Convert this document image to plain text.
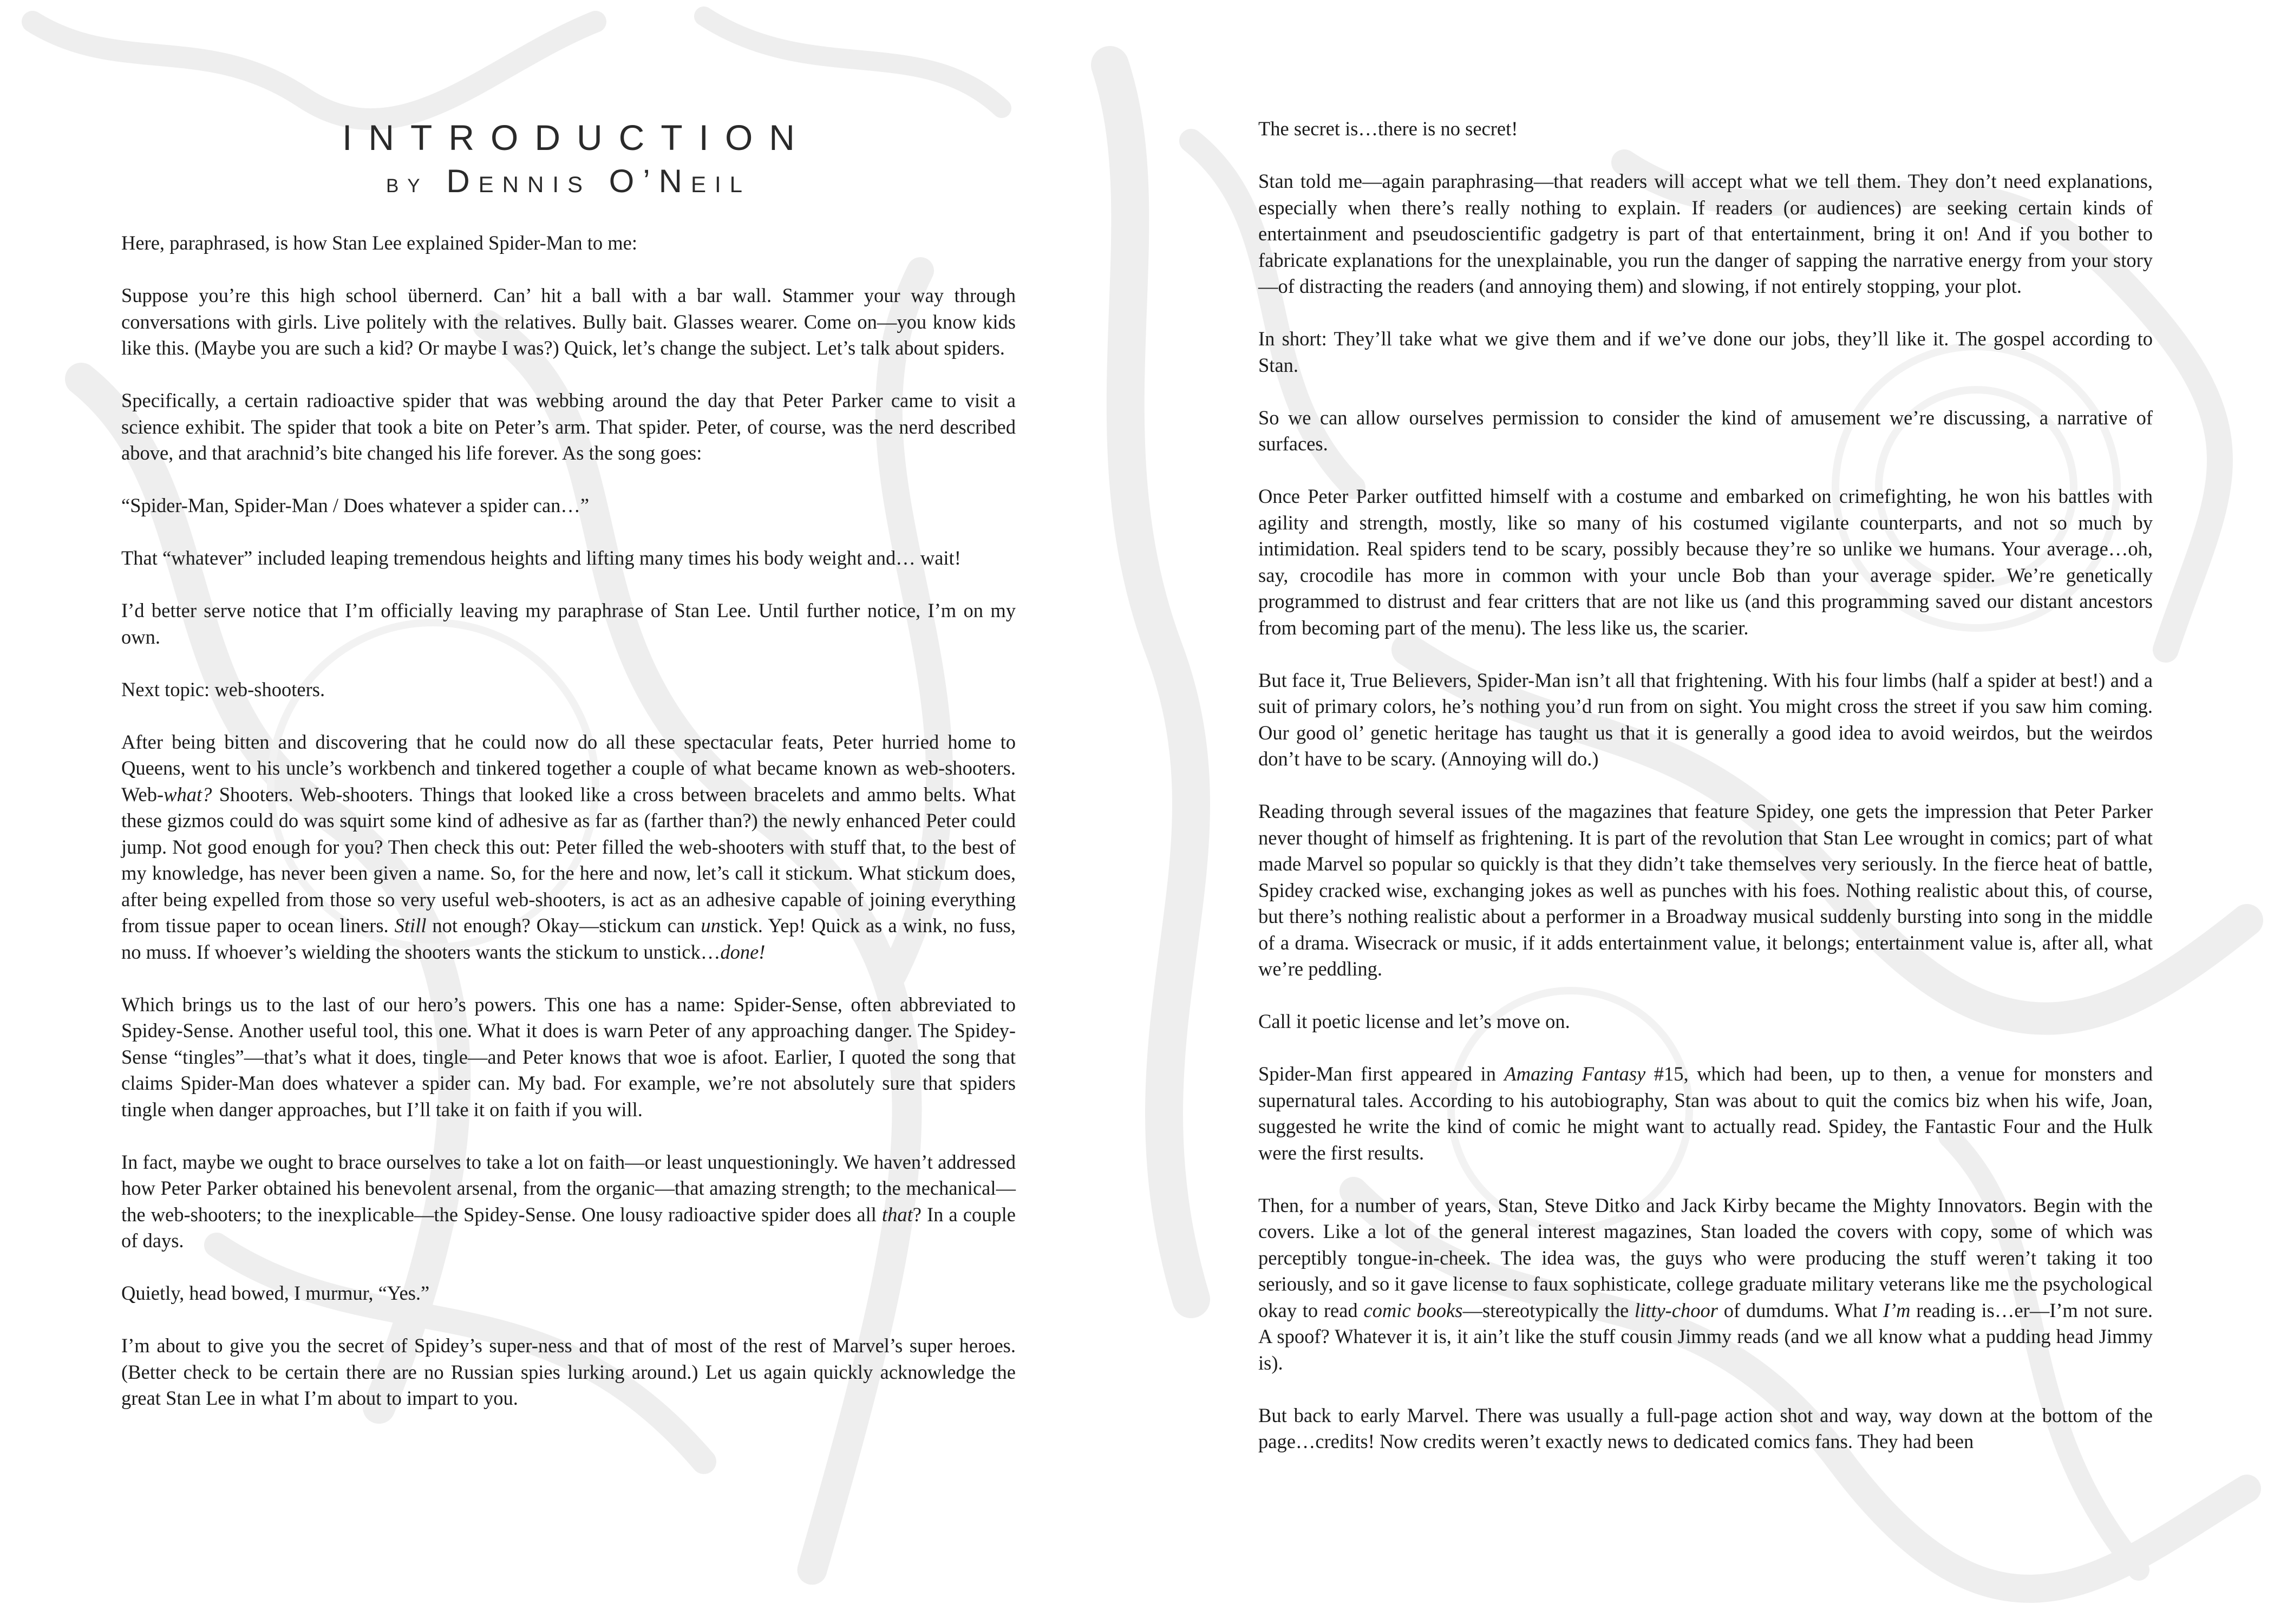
INTRODUCTION
by Dennis O’Neil

Here, paraphrased, is how Stan Lee explained Spider-Man to me:

Suppose you’re this high school übernerd. Can’ hit a ball with a bar wall. Stammer your way through conversations with girls. Live politely with the relatives. Bully bait. Glasses wearer. Come on—you know kids like this. (Maybe you are such a kid? Or maybe I was?) Quick, let’s change the subject. Let’s talk about spiders.

Specifically, a certain radioactive spider that was webbing around the day that Peter Parker came to visit a science exhibit. The spider that took a bite on Peter’s arm. That spider. Peter, of course, was the nerd described above, and that arachnid’s bite changed his life forever. As the song goes:

“Spider-Man, Spider-Man / Does whatever a spider can…”

That “whatever” included leaping tremendous heights and lifting many times his body weight and… wait!

I’d better serve notice that I’m officially leaving my paraphrase of Stan Lee. Until further notice, I’m on my own.

Next topic: web-shooters.

After being bitten and discovering that he could now do all these spectacular feats, Peter hurried home to Queens, went to his uncle’s workbench and tinkered together a couple of what became known as web-shooters. Web-what? Shooters. Web-shooters. Things that looked like a cross between bracelets and ammo belts. What these gizmos could do was squirt some kind of adhesive as far as (farther than?) the newly enhanced Peter could jump. Not good enough for you? Then check this out: Peter filled the web-shooters with stuff that, to the best of my knowledge, has never been given a name. So, for the here and now, let’s call it stickum. What stickum does, after being expelled from those so very useful web-shooters, is act as an adhesive capable of joining everything from tissue paper to ocean liners. Still not enough? Okay—stickum can unstick. Yep! Quick as a wink, no fuss, no muss. If whoever’s wielding the shooters wants the stickum to unstick…done!

Which brings us to the last of our hero’s powers. This one has a name: Spider-Sense, often abbreviated to Spidey-Sense. Another useful tool, this one. What it does is warn Peter of any approaching danger. The Spidey-Sense “tingles”—that’s what it does, tingle—and Peter knows that woe is afoot. Earlier, I quoted the song that claims Spider-Man does whatever a spider can. My bad. For example, we’re not absolutely sure that spiders tingle when danger approaches, but I’ll take it on faith if you will.

In fact, maybe we ought to brace ourselves to take a lot on faith—or least unquestioningly. We haven’t addressed how Peter Parker obtained his benevolent arsenal, from the organic—that amazing strength; to the mechanical—the web-shooters; to the inexplicable—the Spidey-Sense. One lousy radioactive spider does all that? In a couple of days.

Quietly, head bowed, I murmur, “Yes.”

I’m about to give you the secret of Spidey’s super-ness and that of most of the rest of Marvel’s super heroes. (Better check to be certain there are no Russian spies lurking around.) Let us again quickly acknowledge the great Stan Lee in what I’m about to impart to you.

The secret is…there is no secret!

Stan told me—again paraphrasing—that readers will accept what we tell them. They don’t need explanations, especially when there’s really nothing to explain. If readers (or audiences) are seeking certain kinds of entertainment and pseudoscientific gadgetry is part of that entertainment, bring it on! And if you bother to fabricate explanations for the unexplainable, you run the danger of sapping the narrative energy from your story—of distracting the readers (and annoying them) and slowing, if not entirely stopping, your plot.

In short: They’ll take what we give them and if we’ve done our jobs, they’ll like it. The gospel according to Stan.

So we can allow ourselves permission to consider the kind of amusement we’re discussing, a narrative of surfaces.

Once Peter Parker outfitted himself with a costume and embarked on crimefighting, he won his battles with agility and strength, mostly, like so many of his costumed vigilante counterparts, and not so much by intimidation. Real spiders tend to be scary, possibly because they’re so unlike we humans. Your average…oh, say, crocodile has more in common with your uncle Bob than your average spider. We’re genetically programmed to distrust and fear critters that are not like us (and this programming saved our distant ancestors from becoming part of the menu). The less like us, the scarier.

But face it, True Believers, Spider-Man isn’t all that frightening. With his four limbs (half a spider at best!) and a suit of primary colors, he’s nothing you’d run from on sight. You might cross the street if you saw him coming. Our good ol’ genetic heritage has taught us that it is generally a good idea to avoid weirdos, but the weirdos don’t have to be scary. (Annoying will do.)

Reading through several issues of the magazines that feature Spidey, one gets the impression that Peter Parker never thought of himself as frightening. It is part of the revolution that Stan Lee wrought in comics; part of what made Marvel so popular so quickly is that they didn’t take themselves very seriously. In the fierce heat of battle, Spidey cracked wise, exchanging jokes as well as punches with his foes. Nothing realistic about this, of course, but there’s nothing realistic about a performer in a Broadway musical suddenly bursting into song in the middle of a drama. Wisecrack or music, if it adds entertainment value, it belongs; entertainment value is, after all, what we’re peddling.

Call it poetic license and let’s move on.

Spider-Man first appeared in Amazing Fantasy #15, which had been, up to then, a venue for monsters and supernatural tales. According to his autobiography, Stan was about to quit the comics biz when his wife, Joan, suggested he write the kind of comic he might want to actually read. Spidey, the Fantastic Four and the Hulk were the first results.

Then, for a number of years, Stan, Steve Ditko and Jack Kirby became the Mighty Innovators. Begin with the covers. Like a lot of the general interest magazines, Stan loaded the covers with copy, some of which was perceptibly tongue-in-cheek. The idea was, the guys who were producing the stuff weren’t taking it too seriously, and so it gave license to faux sophisticate, college graduate military veterans like me the psychological okay to read comic books—stereotypically the litty-choor of dumdums. What I’m reading is…er—I’m not sure. A spoof? Whatever it is, it ain’t like the stuff cousin Jimmy reads (and we all know what a pudding head Jimmy is).

But back to early Marvel. There was usually a full-page action shot and way, way down at the bottom of the page…credits! Now credits weren’t exactly news to dedicated comics fans. They had been
